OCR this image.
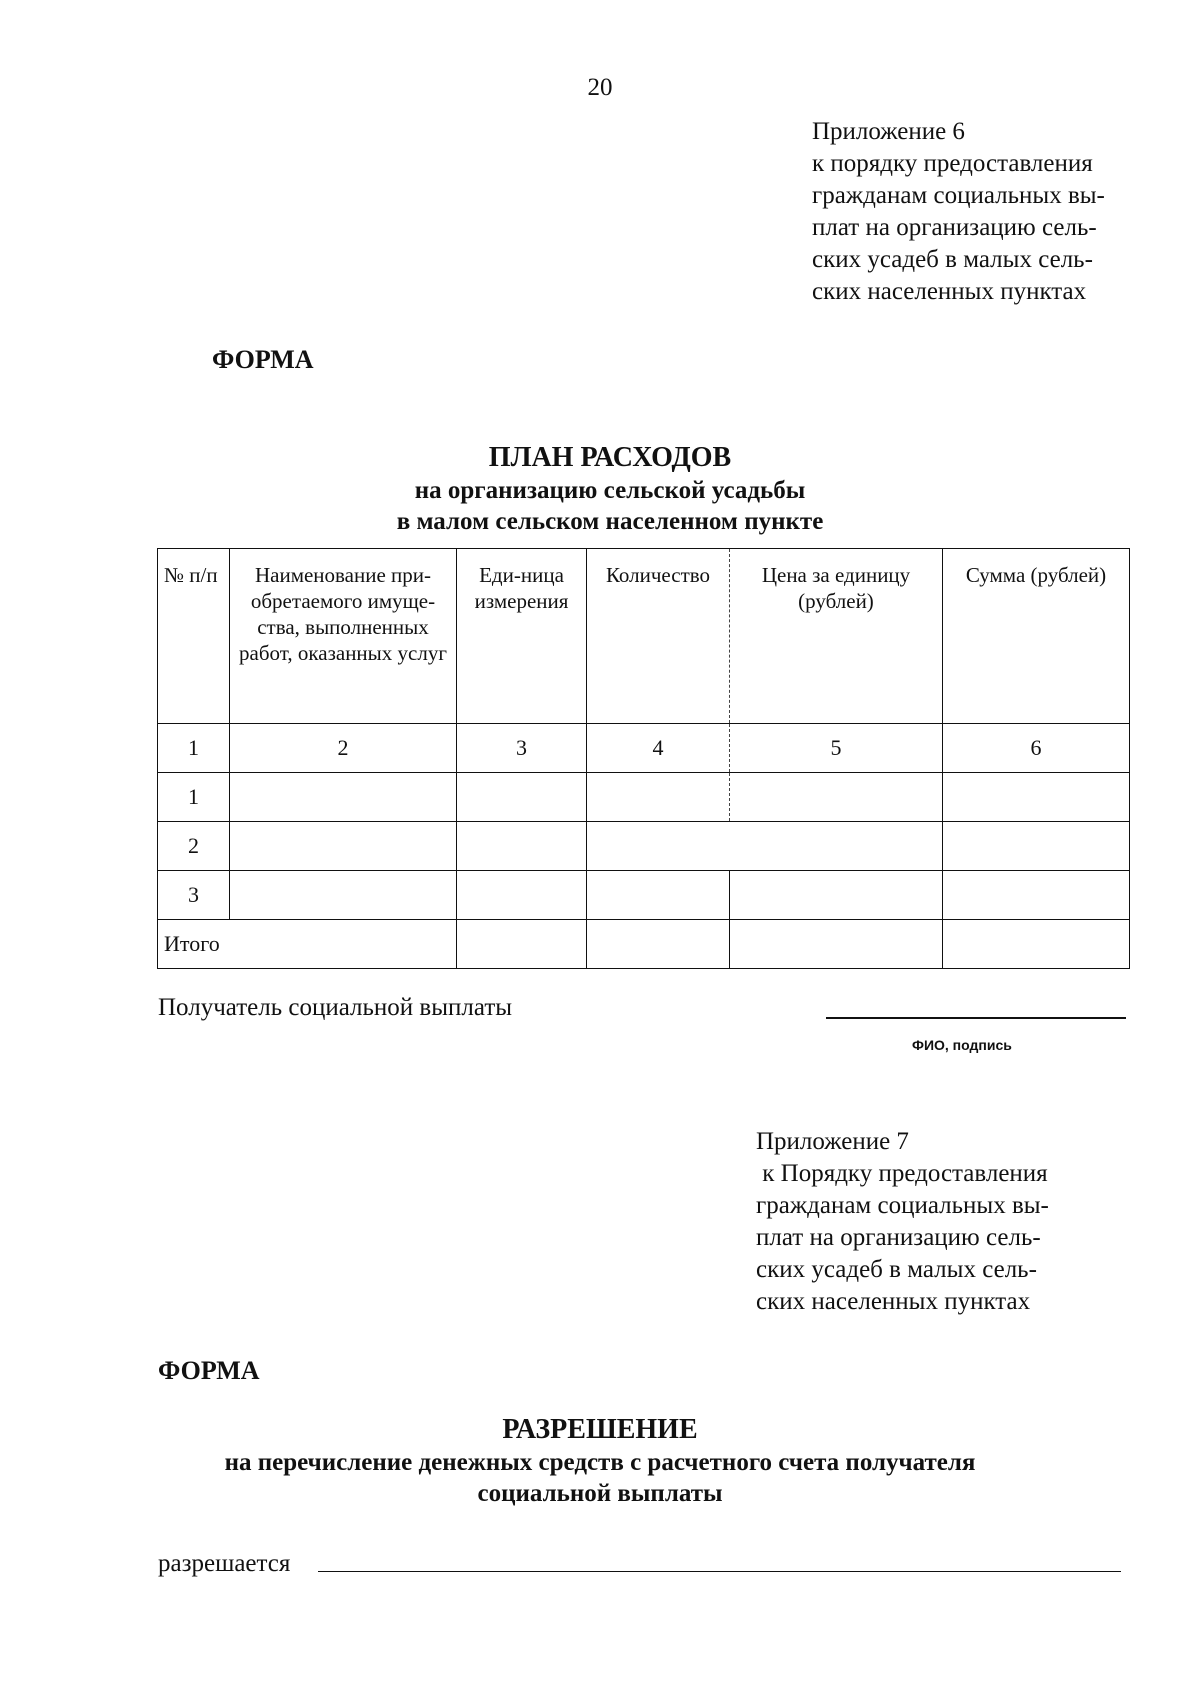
20
Приложение 6
к порядку предоставления
гражданам социальных вы-
плат на организацию сель-
ских усадеб в малых сель-
ских населенных пунктах
ФОРМА
ПЛАН РАСХОДОВ
на организацию сельской усадьбы
в малом сельском населенном пункте
№ п/п	Наименование при-обретаемого имуще-ства, выполненных работ, оказанных услуг	Еди-ница измерения	Количество	Цена за единицу (рублей)	Сумма (рублей)
1	2	3	4	5	6
1					
2					
3					
Итого					
Получатель социальной выплаты
ФИО, подпись
Приложение 7
к Порядку предоставления
гражданам социальных вы-
плат на организацию сель-
ских усадеб в малых сель-
ских населенных пунктах
ФОРМА
РАЗРЕШЕНИЕ
на перечисление денежных средств с расчетного счета получателя
социальной выплаты
разрешается
